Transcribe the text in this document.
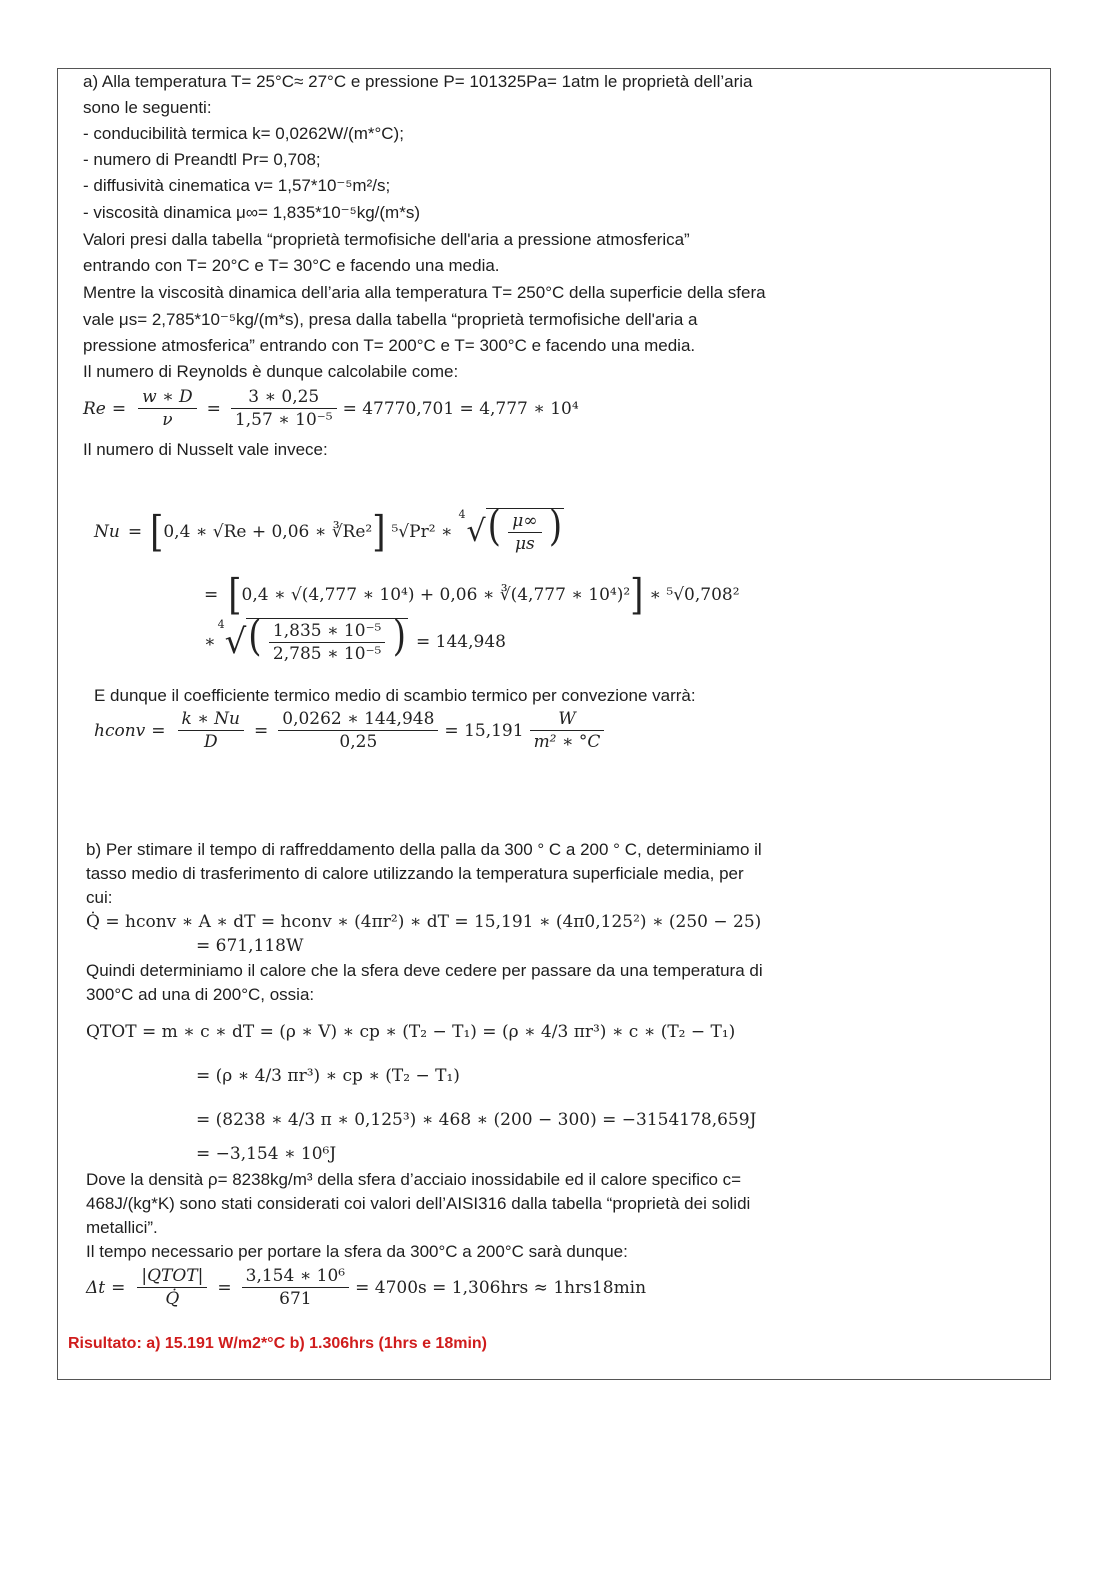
a) Alla temperatura T= 25°C≈ 27°C e pressione P= 101325Pa= 1atm le proprietà dell’aria
sono le seguenti:
- conducibilità termica k= 0,0262W/(m*°C);
- numero di Preandtl Pr= 0,708;
- diffusività cinematica v= 1,57*10⁻⁵m²/s;
- viscosità dinamica μ∞= 1,835*10⁻⁵kg/(m*s)
Valori presi dalla tabella “proprietà termofisiche dell'aria a pressione atmosferica”
entrando con T= 20°C e T= 30°C e facendo una media.
Mentre la viscosità dinamica dell’aria alla temperatura T= 250°C della superficie della sfera
vale μs= 2,785*10⁻⁵kg/(m*s), presa dalla tabella “proprietà termofisiche dell'aria a
pressione atmosferica” entrando con T= 200°C e T= 300°C e facendo una media.
Il numero di Reynolds è dunque calcolabile come:
$Re = \frac{w ∗ D}{\nu} = \frac{3 ∗ 0,25}{\text{1,57 ∗ 10⁻⁵}} = 47770,701 = 4,777$ ∗ 10⁴
Il numero di Nusselt vale invece:
Nu = [ 0,4 ∗ √Re + 0,06 ∗ ∛Re² ] ⁵√Pr² ∗
4 √ ( $\frac{\mu\infty}{\mu s}$ )
= [ 0,4 ∗ √(4,777 ∗ 10⁴) + 0,06 ∗ ∛(4,777 ∗ 10⁴)² ] ∗ ⁵√0,708²
∗
4 √ ( $\frac{\text{1,835 ∗ 10⁻⁵}}{\text{2,785 ∗ 10⁻⁵}}$ ) = 144,948
E dunque il coefficiente termico medio di scambio termico per convezione varrà:
hconv = $\frac{k ∗ Nu}{D} = \frac{0,0262 ∗ 144,948}{0,25} = 15,191 \frac{W}{\text{m² ∗ °C}}$
b) Per stimare il tempo di raffreddamento della palla da 300 ° C a 200 ° C, determiniamo il
tasso medio di trasferimento di calore utilizzando la temperatura superficiale media, per
cui:
Q̇ = hconv ∗ A ∗ dT = hconv ∗ (4πr²) ∗ dT = 15,191 ∗ (4π0,125²) ∗ (250 − 25)
= 671,118W
Quindi determiniamo il calore che la sfera deve cedere per passare da una temperatura di
300°C ad una di 200°C, ossia:
QTOT = m ∗ c ∗ dT = (ρ ∗ V) ∗ cp ∗ (T₂ − T₁) = (ρ ∗ 4/3 πr³) ∗ c ∗ (T₂ − T₁)
= (ρ ∗ 4/3 πr³) ∗ cp ∗ (T₂ − T₁)
= (8238 ∗ 4/3 π ∗ 0,125³) ∗ 468 ∗ (200 − 300) = −3154178,659J
= −3,154 ∗ 10⁶J
Dove la densità ρ= 8238kg/m³ della sfera d’acciaio inossidabile ed il calore specifico c=
468J/(kg*K) sono stati considerati coi valori dell’AISI316 dalla tabella “proprietà dei solidi
metallici”.
Il tempo necessario per portare la sfera da 300°C a 200°C sarà dunque:
$\Delta t = \frac{\text{|QTOT|}}{Q̇} = \frac{\text{3,154 ∗ 10⁶}}{671} = 4700s = 1,306hrs \approx 1hrs18\min$
Risultato: a) 15.191 W/m2*°C b) 1.306hrs (1hrs e 18min)
